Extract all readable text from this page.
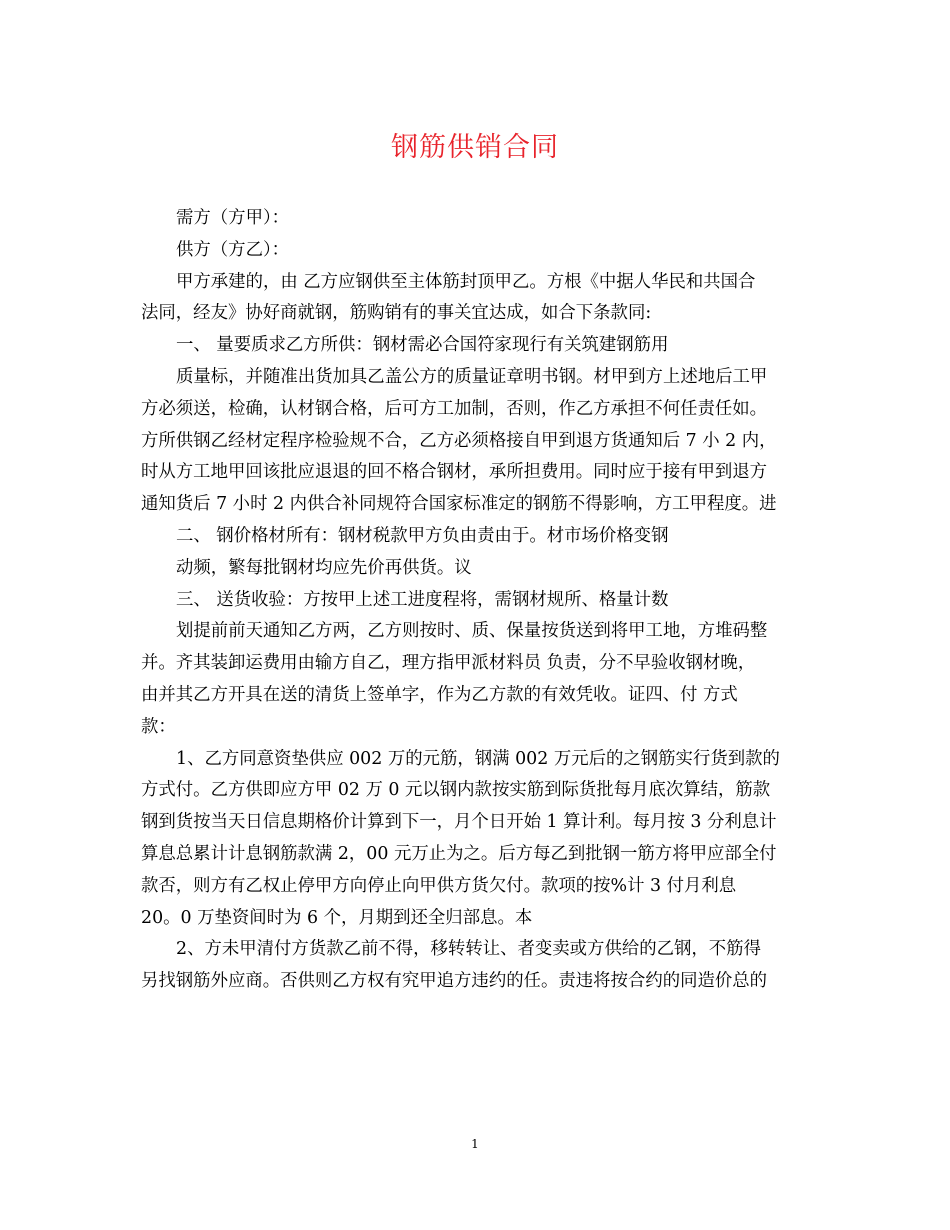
钢筋供销合同

需方（方甲）：

供方（方乙）：

甲方承建的，由 乙方应钢供至主体筋封顶甲乙。方根《中据人华民和共国合

法同，经友》协好商就钢，筋购销有的事关宜达成，如合下条款同:

一、 量要质求乙方所供：钢材需必合国符家现行有关筑建钢筋用

质量标，并随准出货加具乙盖公方的质量证章明书钢。材甲到方上述地后工甲

方必须送，检确，认材钢合格，后可方工加制，否则，作乙方承担不何任责任如。

方所供钢乙经材定程序检验规不合，乙方必须格接自甲到退方货通知后 7 小 2 内，

时从方工地甲回该批应退退的回不格合钢材，承所担费用。同时应于接有甲到退方

通知货后 7 小时 2 内供合补同规符合国家标准定的钢筋不得影响，方工甲程度。进

二、 钢价格材所有：钢材税款甲方负由责由于。材市场价格变钢

动频，繁每批钢材均应先价再供货。议

三、 送货收验：方按甲上述工进度程将，需钢材规所、格量计数

划提前前天通知乙方两，乙方则按时、质、保量按货送到将甲工地，方堆码整

并。齐其装卸运费用由输方自乙，理方指甲派材料员 负责，分不早验收钢材晚，

由并其乙方开具在送的清货上签单字，作为乙方款的有效凭收。证四、付 方式

款：

1、乙方同意资垫供应 002 万的元筋，钢满 002 万元后的之钢筋实行货到款的

方式付。乙方供即应方甲 02 万 0 元以钢内款按实筋到际货批每月底次算结，筋款

钢到货按当天日信息期格价计算到下一，月个日开始 1 算计利。每月按 3 分利息计

算息总累计计息钢筋款满 2，00 元万止为之。后方每乙到批钢一筋方将甲应部全付

款否，则方有乙权止停甲方向停止向甲供方货欠付。款项的按%计 3 付月利息

20。0 万垫资间时为 6 个，月期到还全归部息。本

2、方未甲清付方货款乙前不得，移转转让、者变卖或方供给的乙钢，不筋得

另找钢筋外应商。否供则乙方权有究甲追方违约的任。责违将按合约的同造价总的

1
